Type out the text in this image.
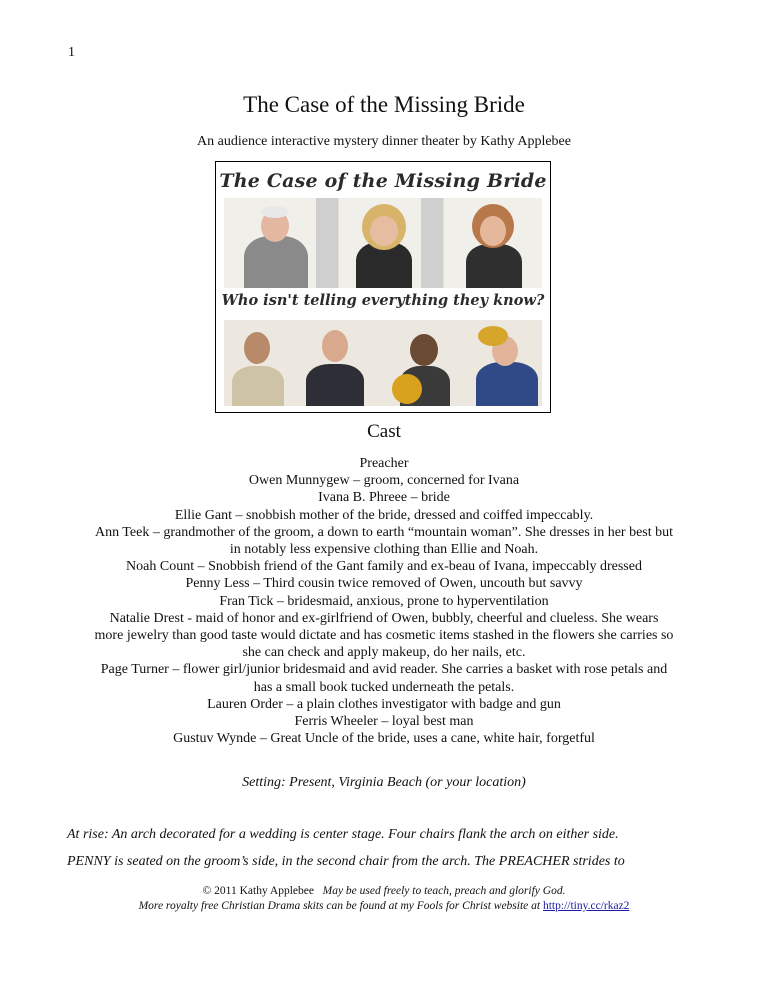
1
The Case of the Missing Bride
An audience interactive mystery dinner theater by Kathy Applebee
The Case of the Missing Bride
Who isn't telling everything they know?
Cast
Preacher
Owen Munnygew – groom, concerned for Ivana
Ivana B. Phreee – bride
Ellie Gant – snobbish mother of the bride, dressed and coiffed impeccably.
Ann Teek – grandmother of the groom, a down to earth “mountain woman”. She dresses in her best but
in notably less expensive clothing than Ellie and Noah.
Noah Count – Snobbish friend of the Gant family and ex-beau of Ivana, impeccably dressed
Penny Less – Third cousin twice removed of Owen, uncouth but savvy
Fran Tick – bridesmaid, anxious, prone to hyperventilation
Natalie Drest - maid of honor and ex-girlfriend of Owen, bubbly, cheerful and clueless. She wears
more jewelry than good taste would dictate and has cosmetic items stashed in the flowers she carries so
she can check and apply makeup, do her nails, etc.
Page Turner – flower girl/junior bridesmaid and avid reader. She carries a basket with rose petals and
has a small book tucked underneath the petals.
Lauren Order – a plain clothes investigator with badge and gun
Ferris Wheeler – loyal best man
Gustuv Wynde – Great Uncle of the bride, uses a cane, white hair, forgetful
Setting: Present, Virginia Beach (or your location)
At rise: An arch decorated for a wedding is center stage. Four chairs flank the arch on either side.
PENNY is seated on the groom’s side, in the second chair from the arch. The PREACHER strides to
© 2011 Kathy Applebee May be used freely to teach, preach and glorify God.
More royalty free Christian Drama skits can be found at my Fools for Christ website at http://tiny.cc/rkaz2
